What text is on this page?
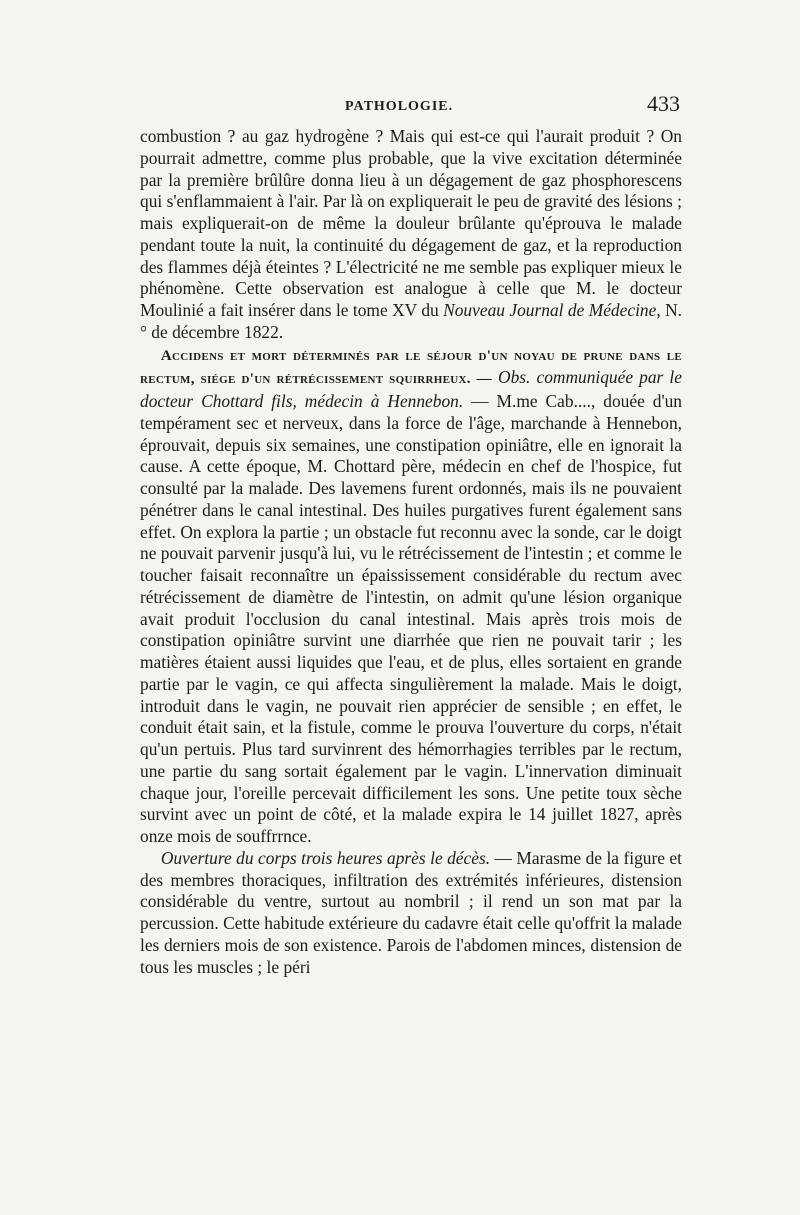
PATHOLOGIE.	433

combustion ? au gaz hydrogène ? Mais qui est-ce qui l'aurait produit ? On pourrait admettre, comme plus probable, que la vive excitation déterminée par la première brûlûre donna lieu à un dégagement de gaz phosphorescens qui s'enflammaient à l'air. Par là on expliquerait le peu de gravité des lésions ; mais expliquerait-on de même la douleur brûlante qu'éprouva le malade pendant toute la nuit, la continuité du dégagement de gaz, et la reproduction des flammes déjà éteintes ? L'électricité ne me semble pas expliquer mieux le phénomène. Cette observation est analogue à celle que M. le docteur Moulinié a fait insérer dans le tome XV du Nouveau Journal de Médecine, N.° de décembre 1822.

Accidens et mort déterminés par le séjour d'un noyau de prune dans le rectum, siége d'un rétrécissement squirrheux. — Obs. communiquée par le docteur Chottard fils, médecin à Hennebon. — M.me Cab...., douée d'un tempérament sec et nerveux, dans la force de l'âge, marchande à Hennebon, éprouvait, depuis six semaines, une constipation opiniâtre, elle en ignorait la cause. A cette époque, M. Chottard père, médecin en chef de l'hospice, fut consulté par la malade. Des lavemens furent ordonnés, mais ils ne pouvaient pénétrer dans le canal intestinal. Des huiles purgatives furent également sans effet. On explora la partie ; un obstacle fut reconnu avec la sonde, car le doigt ne pouvait parvenir jusqu'à lui, vu le rétrécissement de l'intestin ; et comme le toucher faisait reconnaître un épaississement considérable du rectum avec rétrécissement de diamètre de l'intestin, on admit qu'une lésion organique avait produit l'occlusion du canal intestinal. Mais après trois mois de constipation opiniâtre survint une diarrhée que rien ne pouvait tarir ; les matières étaient aussi liquides que l'eau, et de plus, elles sortaient en grande partie par le vagin, ce qui affecta singulièrement la malade. Mais le doigt, introduit dans le vagin, ne pouvait rien apprécier de sensible ; en effet, le conduit était sain, et la fistule, comme le prouva l'ouverture du corps, n'était qu'un pertuis. Plus tard survinrent des hémorrhagies terribles par le rectum, une partie du sang sortait également par le vagin. L'innervation diminuait chaque jour, l'oreille percevait difficilement les sons. Une petite toux sèche survint avec un point de côté, et la malade expira le 14 juillet 1827, après onze mois de souffrrnce.

Ouverture du corps trois heures après le décès. — Marasme de la figure et des membres thoraciques, infiltration des extrémités inférieures, distension considérable du ventre, surtout au nombril ; il rend un son mat par la percussion. Cette habitude extérieure du cadavre était celle qu'offrit la malade les derniers mois de son existence. Parois de l'abdomen minces, distension de tous les muscles ; le péri
